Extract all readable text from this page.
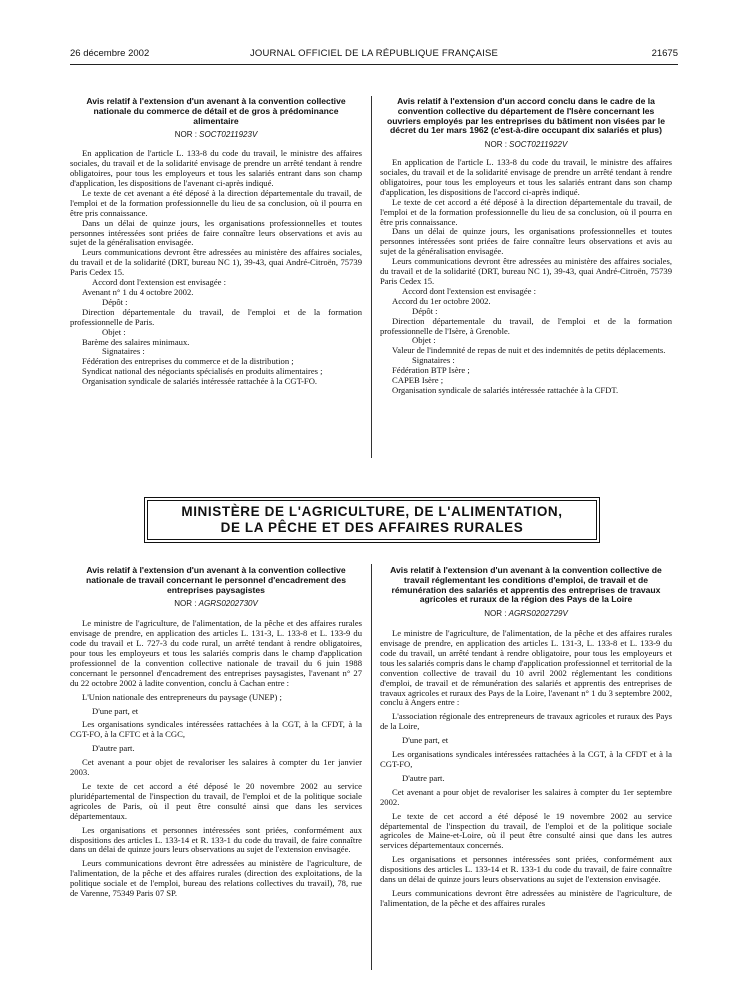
26 décembre 2002	JOURNAL OFFICIEL DE LA RÉPUBLIQUE FRANÇAISE	21675
Avis relatif à l'extension d'un avenant à la convention collective nationale du commerce de détail et de gros à prédominance alimentaire
NOR : SOCT0211923V

En application de l'article L. 133-8 du code du travail, le ministre des affaires sociales, du travail et de la solidarité envisage de prendre un arrêté tendant à rendre obligatoires, pour tous les employeurs et tous les salariés entrant dans son champ d'application, les dispositions de l'avenant ci-après indiqué.

Le texte de cet avenant a été déposé à la direction départementale du travail, de l'emploi et de la formation professionnelle du lieu de sa conclusion, où il pourra en être pris connaissance.

Dans un délai de quinze jours, les organisations professionnelles et toutes personnes intéressées sont priées de faire connaître leurs observations et avis au sujet de la généralisation envisagée.

Leurs communications devront être adressées au ministère des affaires sociales, du travail et de la solidarité (DRT, bureau NC 1), 39-43, quai André-Citroën, 75739 Paris Cedex 15.

Accord dont l'extension est envisagée :

Avenant n° 1 du 4 octobre 2002.

Dépôt :

Direction départementale du travail, de l'emploi et de la formation professionnelle de Paris.

Objet :

Barème des salaires minimaux.

Signataires :

Fédération des entreprises du commerce et de la distribution ;

Syndicat national des négociants spécialisés en produits alimentaires ;

Organisation syndicale de salariés intéressée rattachée à la CGT-FO.

Avis relatif à l'extension d'un accord conclu dans le cadre de la convention collective du département de l'Isère concernant les ouvriers employés par les entreprises du bâtiment non visées par le décret du 1er mars 1962 (c'est-à-dire occupant dix salariés et plus)
NOR : SOCT0211922V

En application de l'article L. 133-8 du code du travail, le ministre des affaires sociales, du travail et de la solidarité envisage de prendre un arrêté tendant à rendre obligatoires, pour tous les employeurs et tous les salariés entrant dans son champ d'application, les dispositions de l'accord ci-après indiqué.

Le texte de cet accord a été déposé à la direction départementale du travail, de l'emploi et de la formation professionnelle du lieu de sa conclusion, où il pourra en être pris connaissance.

Dans un délai de quinze jours, les organisations professionnelles et toutes personnes intéressées sont priées de faire connaître leurs observations et avis au sujet de la généralisation envisagée.

Leurs communications devront être adressées au ministère des affaires sociales, du travail et de la solidarité (DRT, bureau NC 1), 39-43, quai André-Citroën, 75739 Paris Cedex 15.

Accord dont l'extension est envisagée :

Accord du 1er octobre 2002.

Dépôt :

Direction départementale du travail, de l'emploi et de la formation professionnelle de l'Isère, à Grenoble.

Objet :

Valeur de l'indemnité de repas de nuit et des indemnités de petits déplacements.

Signataires :

Fédération BTP Isère ;

CAPEB Isère ;

Organisation syndicale de salariés intéressée rattachée à la CFDT.

MINISTÈRE DE L'AGRICULTURE, DE L'ALIMENTATION,
DE LA PÊCHE ET DES AFFAIRES RURALES
Avis relatif à l'extension d'un avenant à la convention collective nationale de travail concernant le personnel d'encadrement des entreprises paysagistes
NOR : AGRS0202730V

Le ministre de l'agriculture, de l'alimentation, de la pêche et des affaires rurales envisage de prendre, en application des articles L. 131-3, L. 133-8 et L. 133-9 du code du travail et L. 727-3 du code rural, un arrêté tendant à rendre obligatoires, pour tous les employeurs et tous les salariés compris dans le champ d'application professionnel de la convention collective nationale de travail du 6 juin 1988 concernant le personnel d'encadrement des entreprises paysagistes, l'avenant n° 27 du 22 octobre 2002 à ladite convention, conclu à Cachan entre :

L'Union nationale des entrepreneurs du paysage (UNEP) ;

D'une part, et

Les organisations syndicales intéressées rattachées à la CGT, à la CFDT, à la CGT-FO, à la CFTC et à la CGC,

D'autre part.

Cet avenant a pour objet de revaloriser les salaires à compter du 1er janvier 2003.

Le texte de cet accord a été déposé le 20 novembre 2002 au service pluridépartemental de l'inspection du travail, de l'emploi et de la politique sociale agricoles de Paris, où il peut être consulté ainsi que dans les services départementaux.

Les organisations et personnes intéressées sont priées, conformément aux dispositions des articles L. 133-14 et R. 133-1 du code du travail, de faire connaître dans un délai de quinze jours leurs observations au sujet de l'extension envisagée.

Leurs communications devront être adressées au ministère de l'agriculture, de l'alimentation, de la pêche et des affaires rurales (direction des exploitations, de la politique sociale et de l'emploi, bureau des relations collectives du travail), 78, rue de Varenne, 75349 Paris 07 SP.

Avis relatif à l'extension d'un avenant à la convention collective de travail réglementant les conditions d'emploi, de travail et de rémunération des salariés et apprentis des entreprises de travaux agricoles et ruraux de la région des Pays de la Loire
NOR : AGRS0202729V

Le ministre de l'agriculture, de l'alimentation, de la pêche et des affaires rurales envisage de prendre, en application des articles L. 131-3, L. 133-8 et L. 133-9 du code du travail, un arrêté tendant à rendre obligatoire, pour tous les employeurs et tous les salariés compris dans le champ d'application professionnel et territorial de la convention collective de travail du 10 avril 2002 réglementant les conditions d'emploi, de travail et de rémunération des salariés et apprentis des entreprises de travaux agricoles et ruraux des Pays de la Loire, l'avenant n° 1 du 3 septembre 2002, conclu à Angers entre :

L'association régionale des entrepreneurs de travaux agricoles et ruraux des Pays de la Loire,

D'une part, et

Les organisations syndicales intéressées rattachées à la CGT, à la CFDT et à la CGT-FO,

D'autre part.

Cet avenant a pour objet de revaloriser les salaires à compter du 1er septembre 2002.

Le texte de cet accord a été déposé le 19 novembre 2002 au service départemental de l'inspection du travail, de l'emploi et de la politique sociale agricoles de Maine-et-Loire, où il peut être consulté ainsi que dans les autres services départementaux concernés.

Les organisations et personnes intéressées sont priées, conformément aux dispositions des articles L. 133-14 et R. 133-1 du code du travail, de faire connaître dans un délai de quinze jours leurs observations au sujet de l'extension envisagée.

Leurs communications devront être adressées au ministère de l'agriculture, de l'alimentation, de la pêche et des affaires rurales
